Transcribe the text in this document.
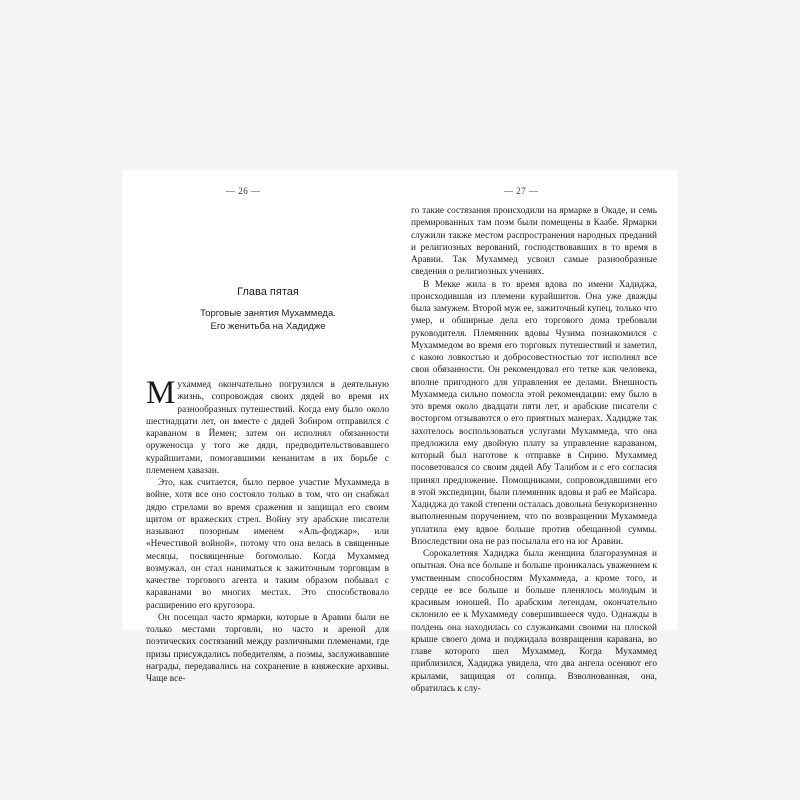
— 26 —	— 27 —
Глава пятая
Торговые занятия Мухаммеда.
Его женитьба на Хадидже

Мухаммед окончательно погрузился в деятельную жизнь, сопровождая своих дядей во время их разнообразных путешествий. Когда ему было около шестнадцати лет, он вместе с дядей Зобиром отправился с караваном в Йемен; затем он исполнял обязанности оруженосца у того же дяди, предводительствовавшего курайшитами, помогавшими кенанитам в их борьбе с племенем хавазан.

Это, как считается, было первое участие Мухаммеда в войне, хотя все оно состояло только в том, что он снабжал дядю стрелами во время сражения и защищал его своим щитом от вражеских стрел. Войну эту арабские писатели называют позорным именем «Аль-фоджар», или «Нечестивой войной», потому что она велась в священные месяцы, посвященные богомолью. Когда Мухаммед возмужал, он стал наниматься к зажиточным торговцам в качестве торгового агента и таким образом побывал с караванами во многих местах. Это способствовало расширению его кругозора.

Он посещал часто ярмарки, которые в Аравии были не только местами торговли, но часто и ареной для поэтических состязаний между различными племенами, где призы присуждались победителям, а поэмы, заслуживавшие награды, передавались на сохранение в княжеские архивы. Чаще все-

го такие состязания происходили на ярмарке в Окаде, и семь премированных там поэм были помещены в Каабе. Ярмарки служили также местом распространения народных преданий и религиозных верований, господствовавших в то время в Аравии. Так Мухаммед усвоил самые разнообразные сведения о религиозных учениях.

В Мекке жила в то время вдова по имени Хадиджа, происходившая из племени курайшитов. Она уже дважды была замужем. Второй муж ее, зажиточный купец, только что умер, и обширные дела его торгового дома требовали руководителя. Племянник вдовы Чузима познакомился с Мухаммедом во время его торговых путешествий и заметил, с какою ловкостью и добросовестностью тот исполнял все свои обязанности. Он рекомендовал его тетке как человека, вполне пригодного для управления ее делами. Внешность Мухаммеда сильно помогла этой рекомендации: ему было в это время около двадцати пяти лет, и арабские писатели с восторгом отзываются о его приятных манерах. Хадидже так захотелось воспользоваться услугами Мухаммеда, что она предложила ему двойную плату за управление караваном, который был наготове к отправке в Сирию. Мухаммед посоветовался со своим дядей Абу Талибом и с его согласия принял предложение. Помощниками, сопровождавшими его в этой экспедиции, были племянник вдовы и раб ее Майсара. Хадиджа до такой степени осталась довольна безукоризненно выполненным поручением, что по возвращении Мухаммеда уплатила ему вдвое больше против обещанной суммы. Впоследствии она не раз посылала его на юг Аравии.

Сорокалетняя Хадиджа была женщина благоразумная и опытная. Она все больше и больше проникалась уважением к умственным способностям Мухаммеда, а кроме того, и сердце ее все больше и больше пленялось молодым и красивым юношей. По арабским легендам, окончательно склонило ее к Мухаммеду совершившееся чудо. Однажды в полдень она находилась со служанками своими на плоской крыше своего дома и поджидала возвращения каравана, во главе которого шел Мухаммед. Когда Мухаммед приблизился, Хадиджа увидела, что два ангела осеняют его крылами, защищая от солнца. Взволнованная, она, обратилась к слу-
